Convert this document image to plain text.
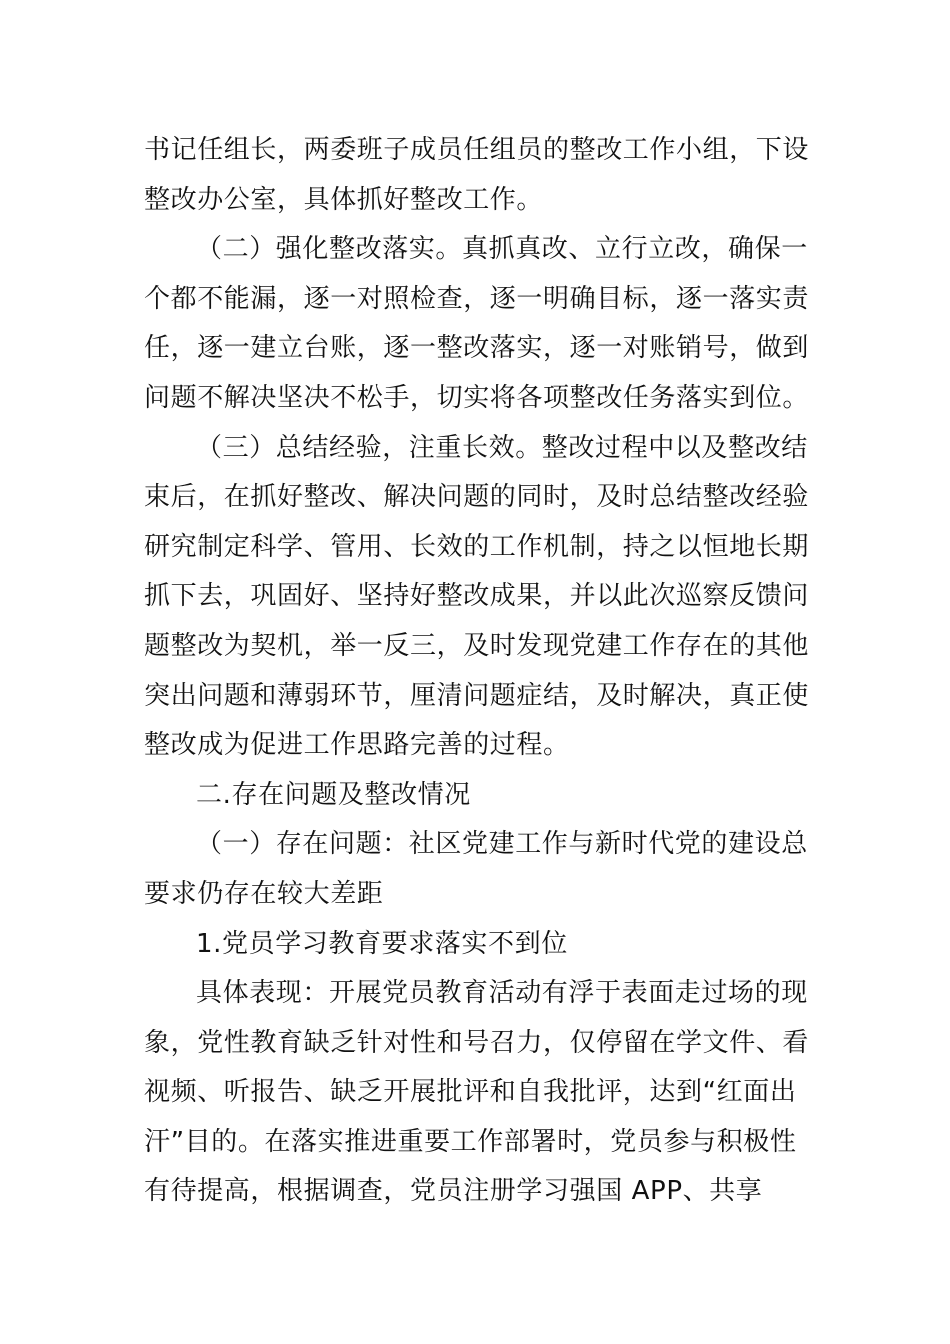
书记任组长，两委班子成员任组员的整改工作小组，下设
整改办公室，具体抓好整改工作。
（二）强化整改落实。真抓真改、立行立改，确保一
个都不能漏，逐一对照检查，逐一明确目标，逐一落实责
任，逐一建立台账，逐一整改落实，逐一对账销号，做到
问题不解决坚决不松手，切实将各项整改任务落实到位。
（三）总结经验，注重长效。整改过程中以及整改结
束后，在抓好整改、解决问题的同时，及时总结整改经验
研究制定科学、管用、长效的工作机制，持之以恒地长期
抓下去，巩固好、坚持好整改成果，并以此次巡察反馈问
题整改为契机，举一反三，及时发现党建工作存在的其他
突出问题和薄弱环节，厘清问题症结，及时解决，真正使
整改成为促进工作思路完善的过程。
二.存在问题及整改情况
（一）存在问题：社区党建工作与新时代党的建设总
要求仍存在较大差距
1.党员学习教育要求落实不到位
具体表现：开展党员教育活动有浮于表面走过场的现
象，党性教育缺乏针对性和号召力，仅停留在学文件、看
视频、听报告、缺乏开展批评和自我批评，达到“红面出
汗”目的。在落实推进重要工作部署时，党员参与积极性
有待提高，根据调查，党员注册学习强国 APP、共享
